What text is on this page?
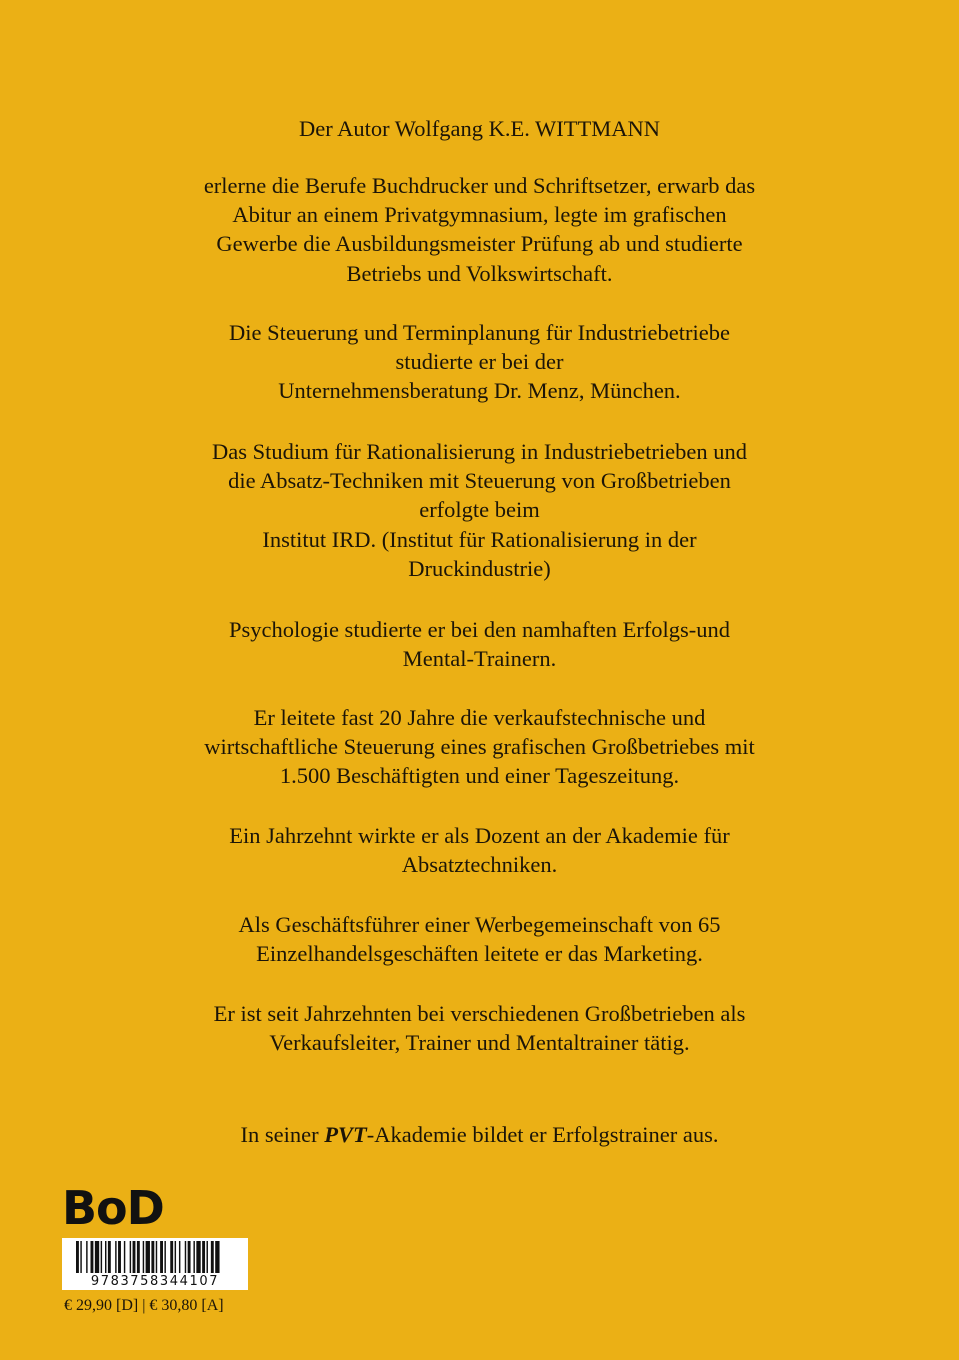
Der Autor Wolfgang K.E. WITTMANN

erlerne die Berufe Buchdrucker und Schriftsetzer, erwarb das
Abitur an einem Privatgymnasium, legte im grafischen
Gewerbe die Ausbildungsmeister Prüfung ab und studierte
Betriebs und Volkswirtschaft.

Die Steuerung und Terminplanung für Industriebetriebe
studierte er bei der
Unternehmensberatung Dr. Menz, München.

Das Studium für Rationalisierung in Industriebetrieben und
die Absatz-Techniken mit Steuerung von Großbetrieben
erfolgte beim
Institut IRD. (Institut für Rationalisierung in der
Druckindustrie)

Psychologie studierte er bei den namhaften Erfolgs-und
Mental-Trainern.

Er leitete fast 20 Jahre die verkaufstechnische und
wirtschaftliche Steuerung eines grafischen Großbetriebes mit
1.500 Beschäftigten und einer Tageszeitung.

Ein Jahrzehnt wirkte er als Dozent an der Akademie für
Absatztechniken.

Als Geschäftsführer einer Werbegemeinschaft von 65
Einzelhandelsgeschäften leitete er das Marketing.

Er ist seit Jahrzehnten bei verschiedenen Großbetrieben als
Verkaufsleiter, Trainer und Mentaltrainer tätig.

In seiner PVT-Akademie bildet er Erfolgstrainer aus.

BoD
9783758344107
€ 29,90 [D] | € 30,80 [A]
